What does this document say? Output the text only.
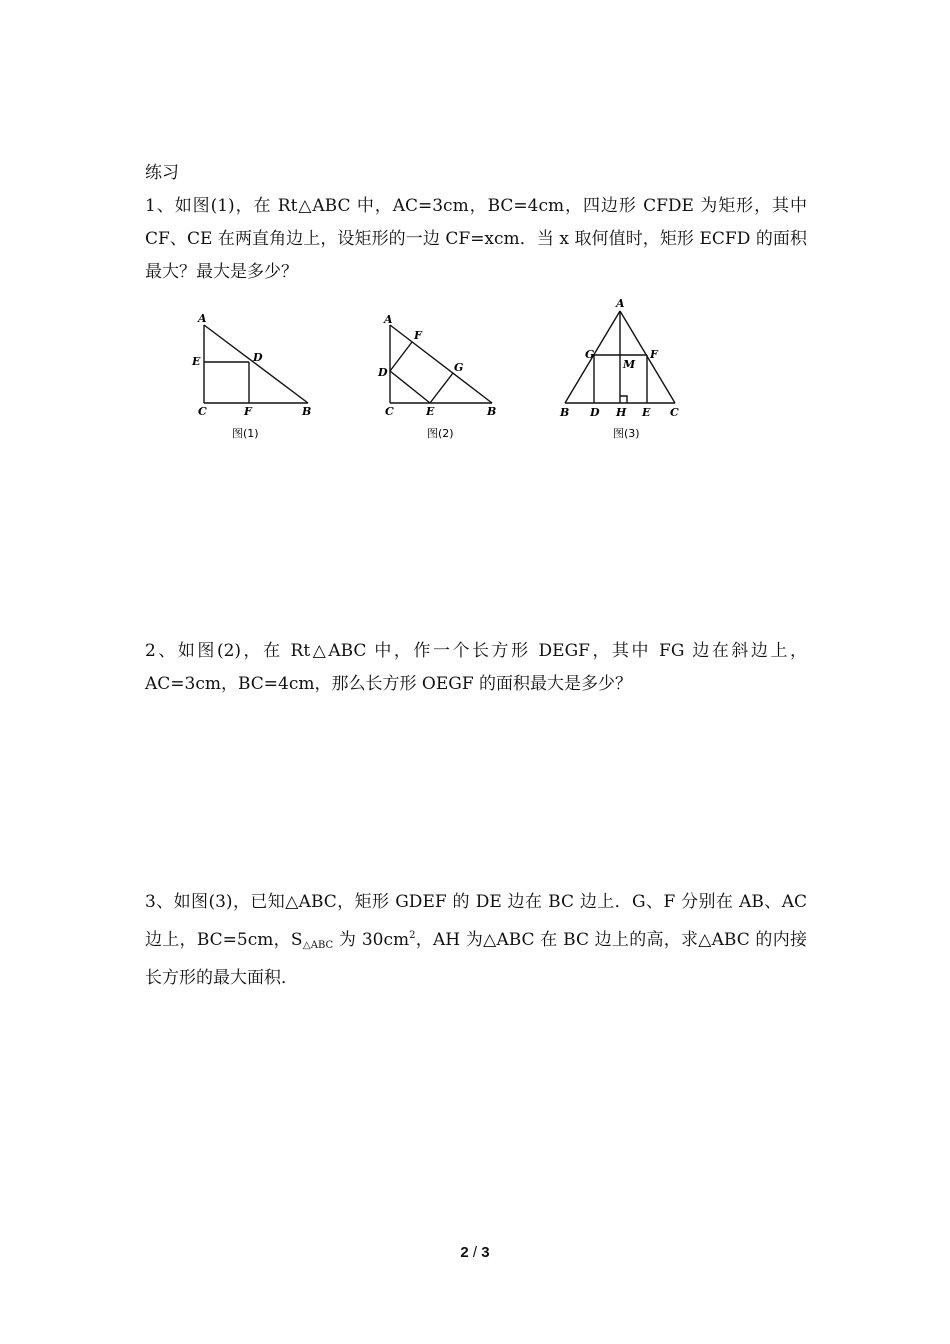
练习
1、如图(1)，在 Rt△ABC 中，AC=3cm，BC=4cm，四边形 CFDE 为矩形，其中 CF、CE 在两直角边上，设矩形的一边 CF=xcm．当 x 取何值时，矩形 ECFD 的面积最大？最大是多少？
A
E	D
C	F	B
图(1)
A
F
D	G
C	E	B
图(2)
A
G
M
F
B D H E C
图(3)
2、如图(2)，在 Rt△ABC 中，作一个长方形 DEGF，其中 FG 边在斜边上，AC=3cm，BC=4cm，那么长方形 OEGF 的面积最大是多少？
3、如图(3)，已知△ABC，矩形 GDEF 的 DE 边在 BC 边上．G、F 分别在 AB、AC 边上，BC=5cm，$S_{\triangle ABC}$ 为 $30cm^2$，AH 为△ABC 在 BC 边上的高，求△ABC 的内接长方形的最大面积．
2 / 3
